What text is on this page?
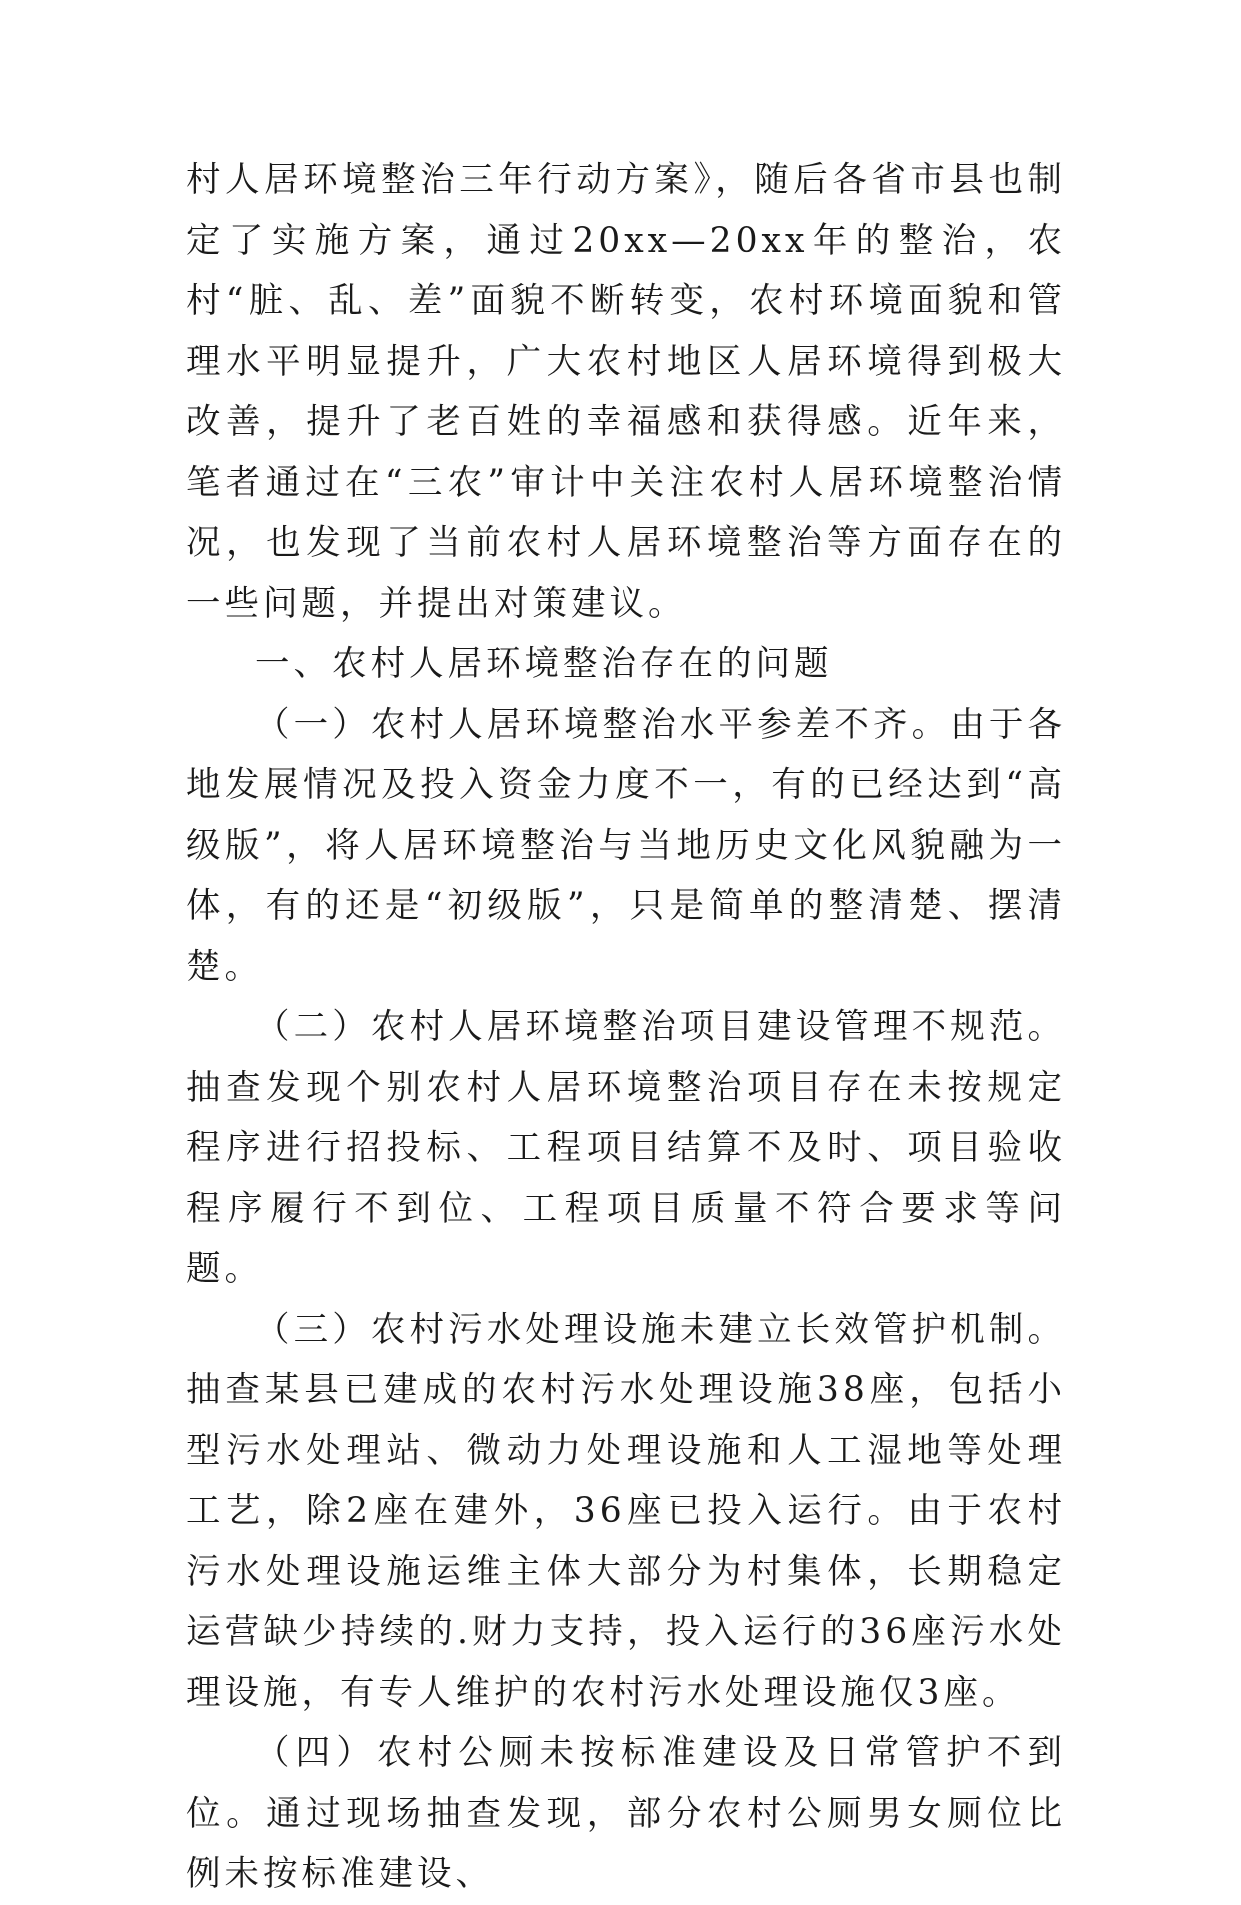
村人居环境整治三年行动方案》，随后各省市县也制定了实施方案，通过20xx—20xx年的整治，农村“脏、乱、差”面貌不断转变，农村环境面貌和管理水平明显提升，广大农村地区人居环境得到极大改善，提升了老百姓的幸福感和获得感。近年来，笔者通过在“三农”审计中关注农村人居环境整治情况，也发现了当前农村人居环境整治等方面存在的一些问题，并提出对策建议。

一、农村人居环境整治存在的问题

（一）农村人居环境整治水平参差不齐。由于各地发展情况及投入资金力度不一，有的已经达到“高级版”，将人居环境整治与当地历史文化风貌融为一体，有的还是“初级版”，只是简单的整清楚、摆清楚。

（二）农村人居环境整治项目建设管理不规范。抽查发现个别农村人居环境整治项目存在未按规定程序进行招投标、工程项目结算不及时、项目验收程序履行不到位、工程项目质量不符合要求等问题。

（三）农村污水处理设施未建立长效管护机制。抽查某县已建成的农村污水处理设施38座，包括小型污水处理站、微动力处理设施和人工湿地等处理工艺，除2座在建外，36座已投入运行。由于农村污水处理设施运维主体大部分为村集体，长期稳定运营缺少持续的.财力支持，投入运行的36座污水处理设施，有专人维护的农村污水处理设施仅3座。

（四）农村公厕未按标准建设及日常管护不到位。通过现场抽查发现，部分农村公厕男女厕位比例未按标准建设、
